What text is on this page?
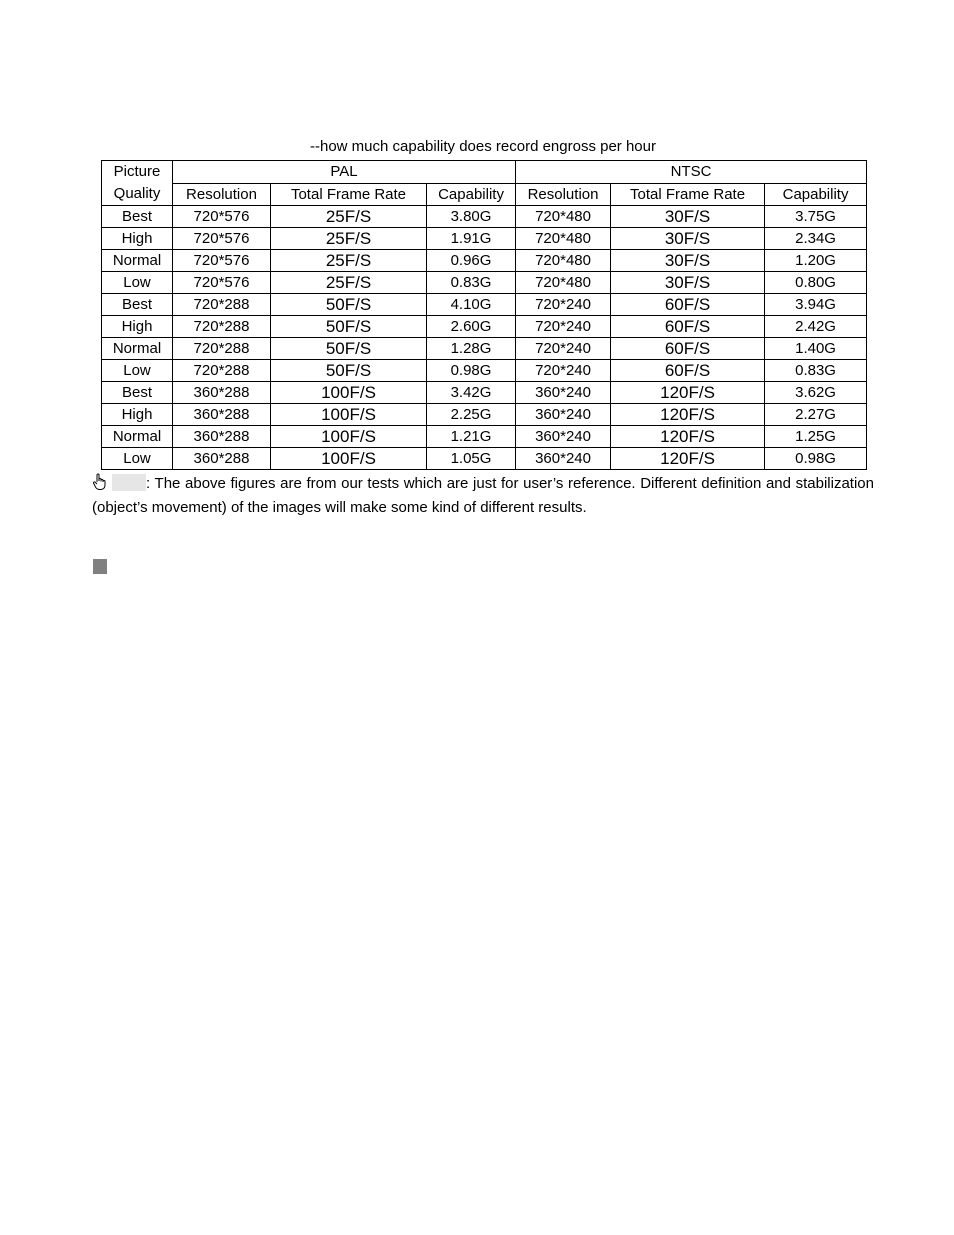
--how much capability does record engross per hour
Picture
Quality	PAL			NTSC		
	Resolution	Total Frame Rate	Capability	Resolution	Total Frame Rate	Capability
Best	720*576	25F/S	3.80G	720*480	30F/S	3.75G
High	720*576	25F/S	1.91G	720*480	30F/S	2.34G
Normal	720*576	25F/S	0.96G	720*480	30F/S	1.20G
Low	720*576	25F/S	0.83G	720*480	30F/S	0.80G
Best	720*288	50F/S	4.10G	720*240	60F/S	3.94G
High	720*288	50F/S	2.60G	720*240	60F/S	2.42G
Normal	720*288	50F/S	1.28G	720*240	60F/S	1.40G
Low	720*288	50F/S	0.98G	720*240	60F/S	0.83G
Best	360*288	100F/S	3.42G	360*240	120F/S	3.62G
High	360*288	100F/S	2.25G	360*240	120F/S	2.27G
Normal	360*288	100F/S	1.21G	360*240	120F/S	1.25G
Low	360*288	100F/S	1.05G	360*240	120F/S	0.98G
: The above figures are from our tests which are just for user’s reference. Different definition and stabilization (object’s movement) of the images will make some kind of different results.
